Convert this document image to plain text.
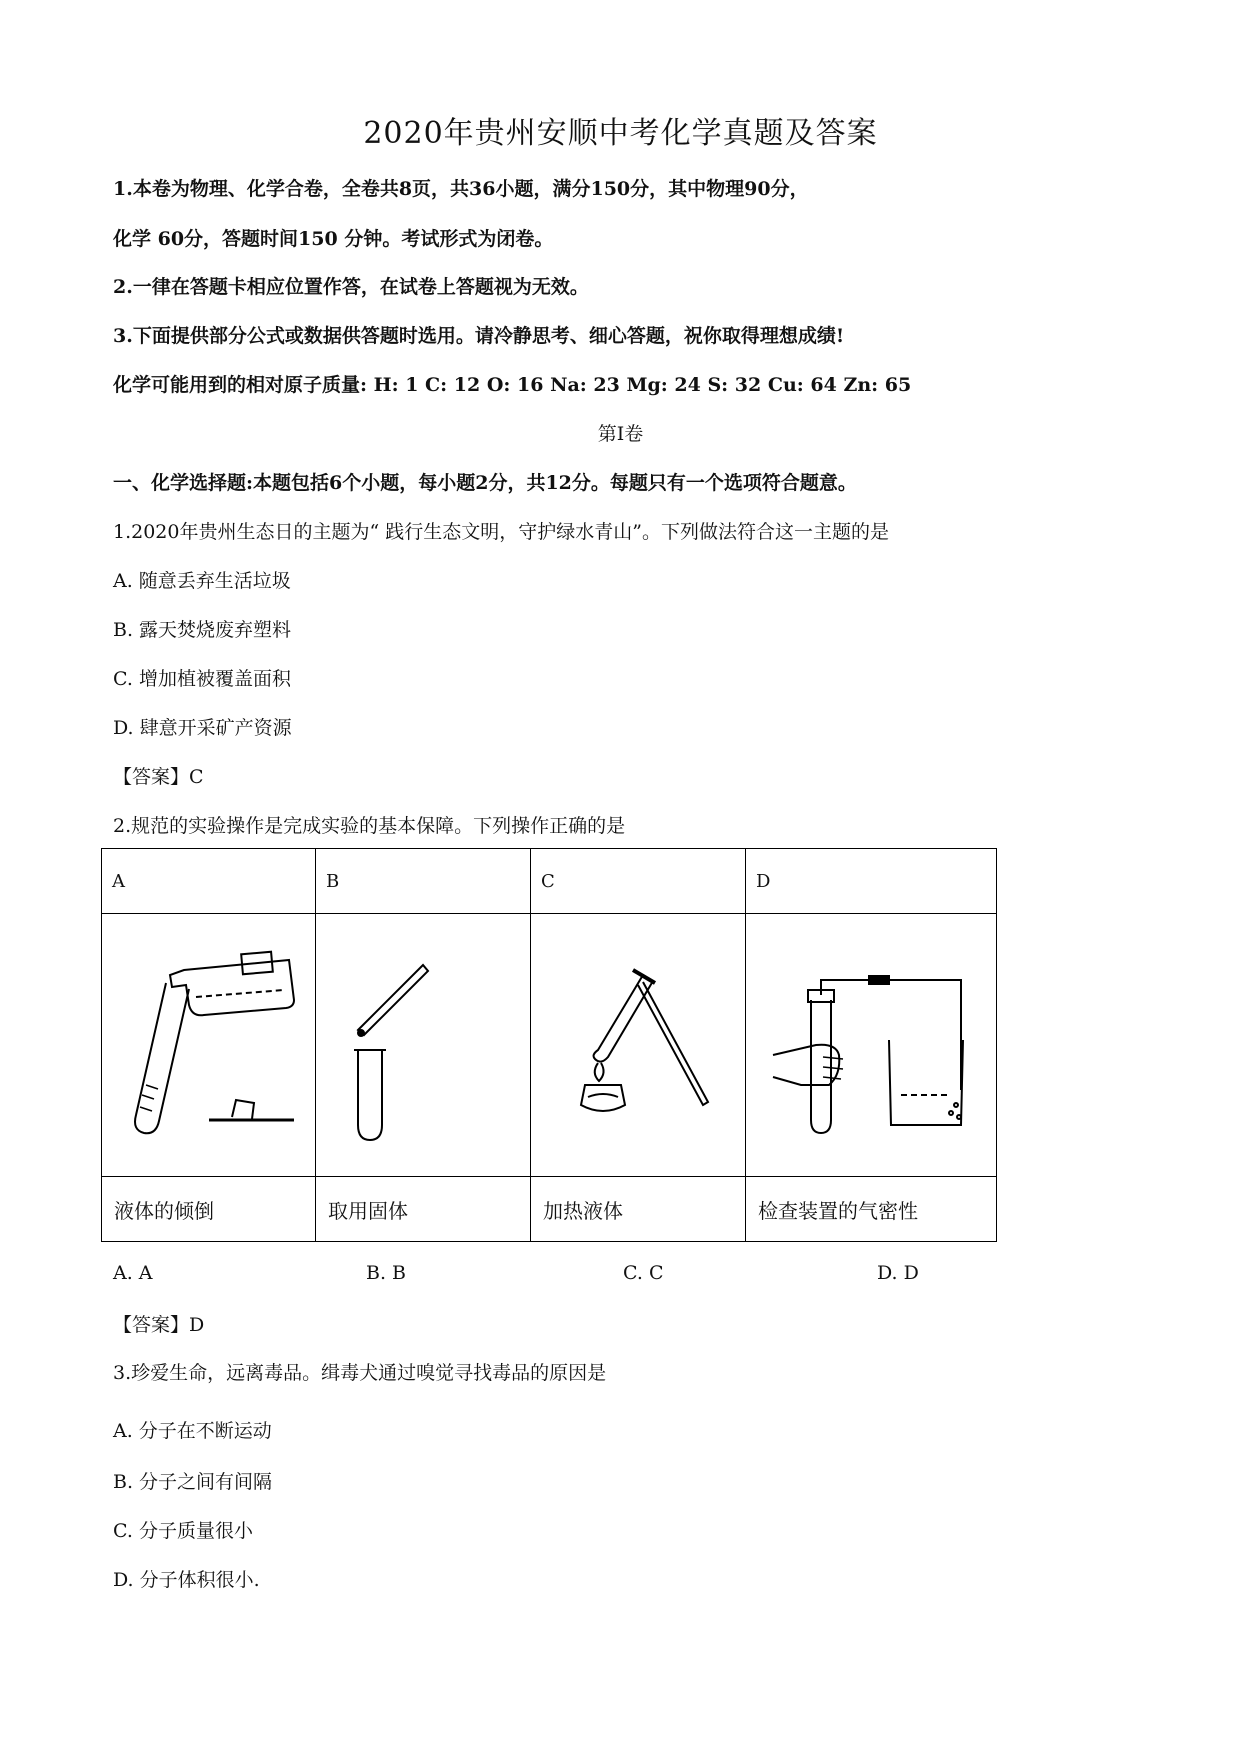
2020年贵州安顺中考化学真题及答案
1.本卷为物理、化学合卷，全卷共8页，共36小题，满分150分，其中物理90分，
化学 60分，答题时间150 分钟。考试形式为闭卷。
2.一律在答题卡相应位置作答，在试卷上答题视为无效。
3.下面提供部分公式或数据供答题时选用。请冷静思考、细心答题，祝你取得理想成绩!
化学可能用到的相对原子质量: H: 1 C: 12 O: 16 Na: 23 Mg: 24 S: 32 Cu: 64 Zn: 65
第Ⅰ卷
一、化学选择题:本题包括6个小题，每小题2分，共12分。每题只有一个选项符合题意。
1.2020年贵州生态日的主题为“ 践行生态文明，守护绿水青山”。下列做法符合这一主题的是
A. 随意丢弃生活垃圾
B. 露天焚烧废弃塑料
C. 增加植被覆盖面积
D. 肆意开采矿产资源
【答案】C
2.规范的实验操作是完成实验的基本保障。下列操作正确的是
A	B	C	D

液体的倾倒	取用固体	加热液体	检查装置的气密性
A. A	B. B	C. C	D. D
【答案】D
3.珍爱生命，远离毒品。缉毒犬通过嗅觉寻找毒品的原因是
A. 分子在不断运动
B. 分子之间有间隔
C. 分子质量很小
D. 分子体积很小.
